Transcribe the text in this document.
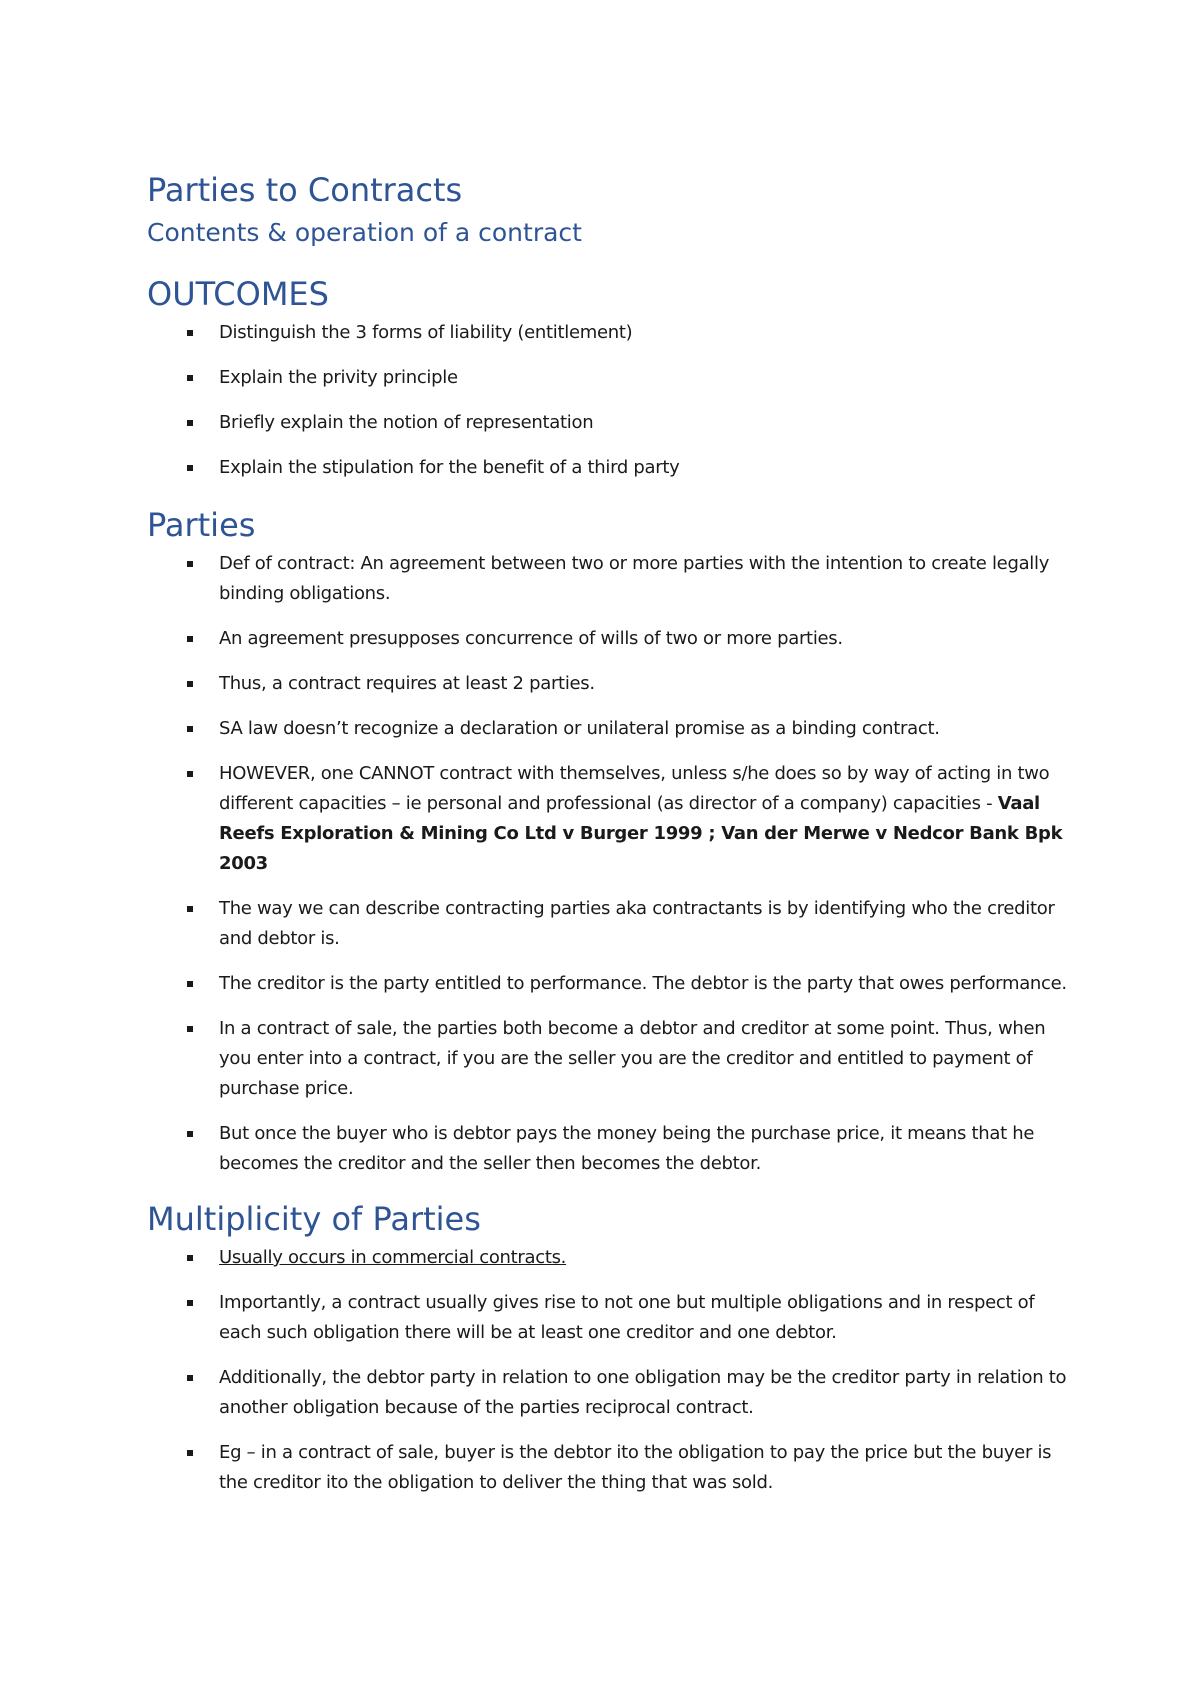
Parties to Contracts
Contents & operation of a contract
OUTCOMES
Distinguish the 3 forms of liability (entitlement)
Explain the privity principle
Briefly explain the notion of representation
Explain the stipulation for the benefit of a third party
Parties
Def of contract: An agreement between two or more parties with the intention to create legally binding obligations.
An agreement presupposes concurrence of wills of two or more parties.
Thus, a contract requires at least 2 parties.
SA law doesn’t recognize a declaration or unilateral promise as a binding contract.
HOWEVER, one CANNOT contract with themselves, unless s/he does so by way of acting in two different capacities – ie personal and professional (as director of a company) capacities - Vaal Reefs Exploration & Mining Co Ltd v Burger 1999 ; Van der Merwe v Nedcor Bank Bpk 2003
The way we can describe contracting parties aka contractants is by identifying who the creditor and debtor is.
The creditor is the party entitled to performance. The debtor is the party that owes performance.
In a contract of sale, the parties both become a debtor and creditor at some point. Thus, when you enter into a contract, if you are the seller you are the creditor and entitled to payment of purchase price.
But once the buyer who is debtor pays the money being the purchase price, it means that he becomes the creditor and the seller then becomes the debtor.
Multiplicity of Parties
Usually occurs in commercial contracts.
Importantly, a contract usually gives rise to not one but multiple obligations and in respect of each such obligation there will be at least one creditor and one debtor.
Additionally, the debtor party in relation to one obligation may be the creditor party in relation to another obligation because of the parties reciprocal contract.
Eg – in a contract of sale, buyer is the debtor ito the obligation to pay the price but the buyer is the creditor ito the obligation to deliver the thing that was sold.
